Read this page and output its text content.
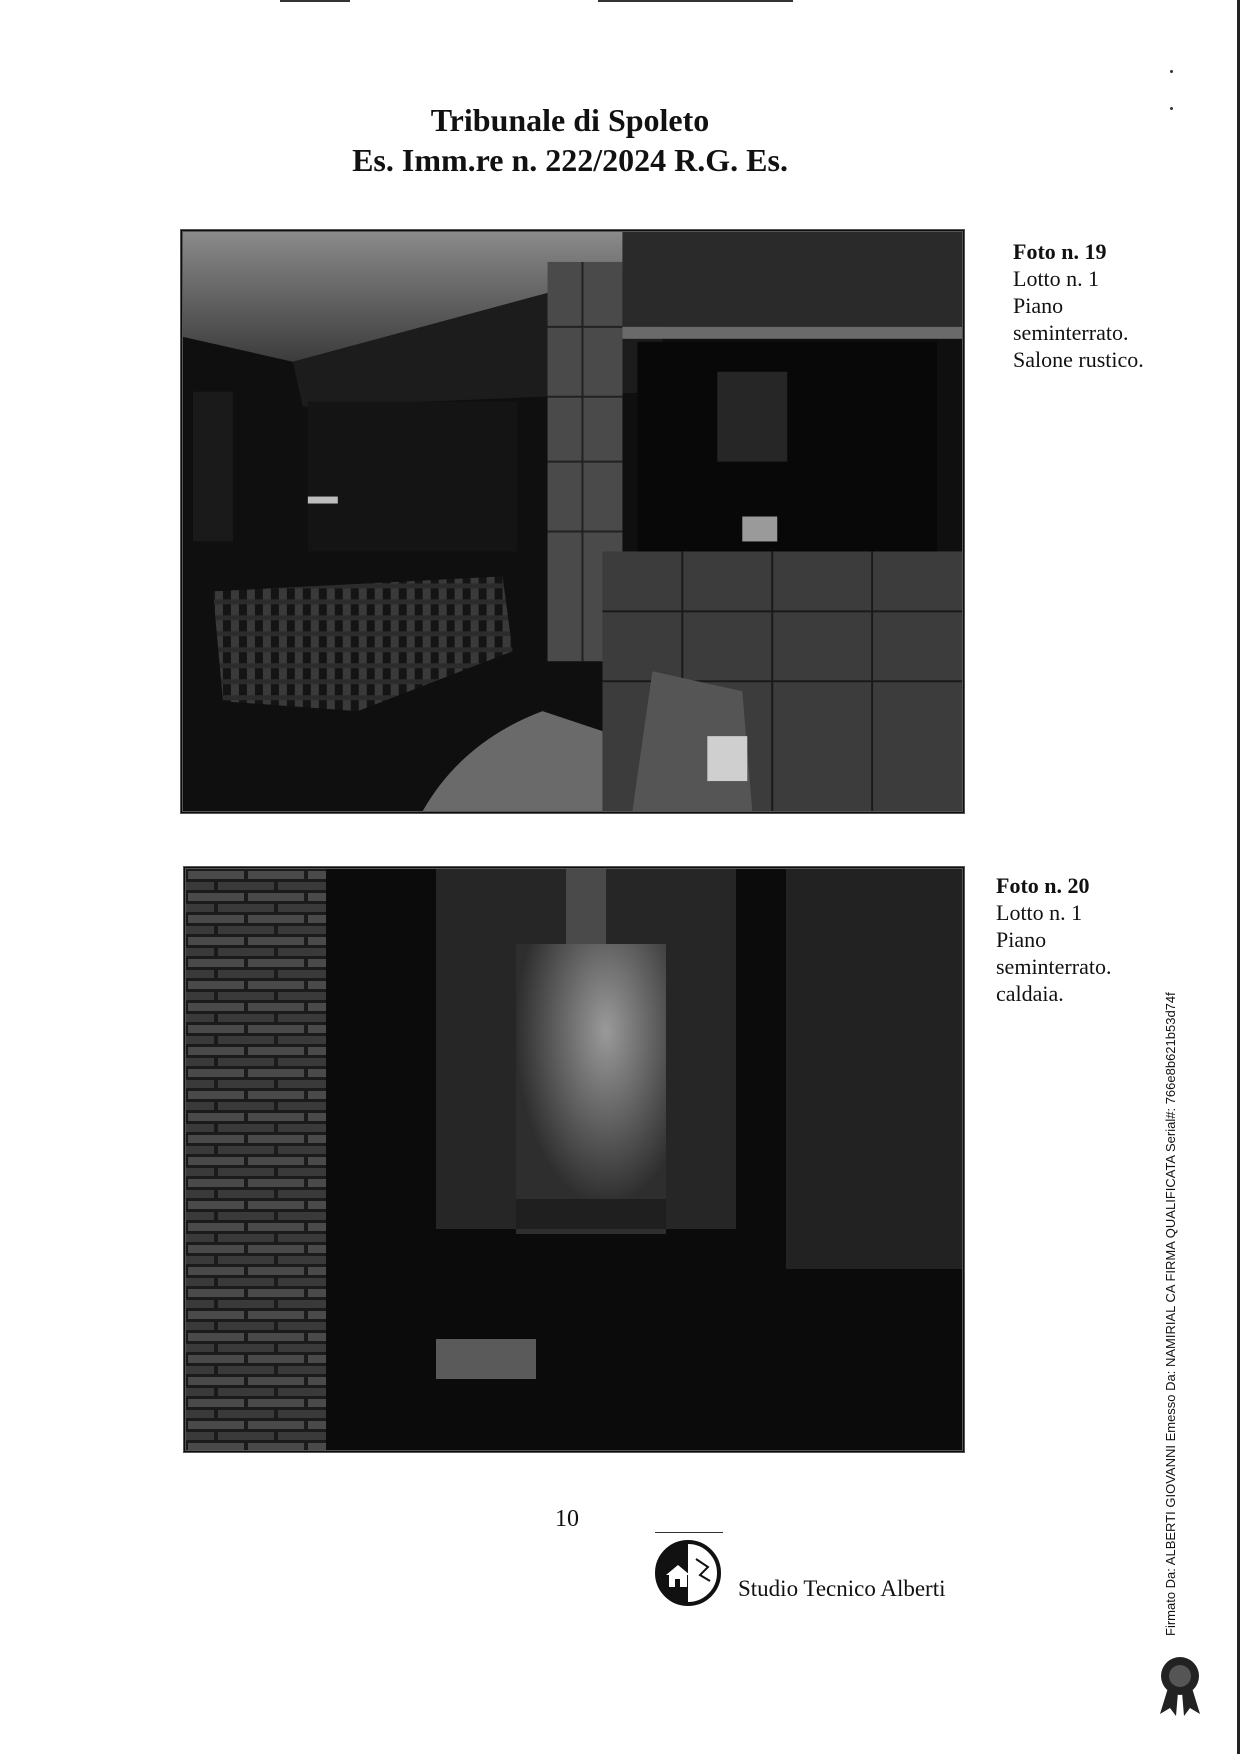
Tribunale di Spoleto
Es. Imm.re n. 222/2024 R.G. Es.
Foto n. 19
Lotto n. 1
Piano
seminterrato.
Salone rustico.
Foto n. 20
Lotto n. 1
Piano
seminterrato.
caldaia.
10
Studio Tecnico Alberti	Firmato Da: ALBERTI GIOVANNI Emesso Da: NAMIRIAL CA FIRMA QUALIFICATA Serial#: 766e8b621b53d74f
